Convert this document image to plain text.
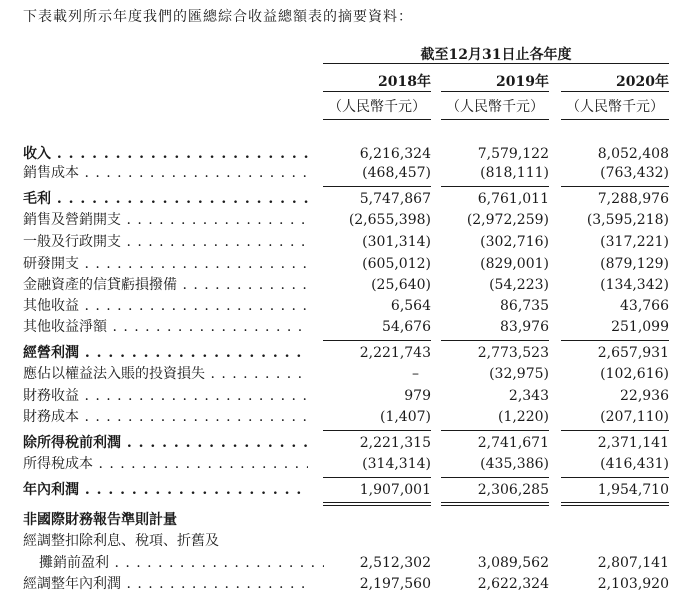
下表載列所示年度我們的匯總綜合收益總額表的摘要資料：
截至12月31日止各年度
2018年	2019年	2020年
（人民幣千元）	（人民幣千元）	（人民幣千元）
收入 . . .	6,216,324	7,579,122	8,052,408
銷售成本 . . .	(468,457)	(818,111)	(763,432)
毛利 . . .	5,747,867	6,761,011	7,288,976
銷售及營銷開支 . . .	(2,655,398)	(2,972,259)	(3,595,218)
一般及行政開支 . . .	(301,314)	(302,716)	(317,221)
研發開支 . . .	(605,012)	(829,001)	(879,129)
金融資產的信貸虧損撥備 . . .	(25,640)	(54,223)	(134,342)
其他收益 . . .	6,564	86,735	43,766
其他收益淨額 . . .	54,676	83,976	251,099
經營利潤 . . .	2,221,743	2,773,523	2,657,931
應佔以權益法入賬的投資損失 . . .	–	(32,975)	(102,616)
財務收益 . . .	979	2,343	22,936
財務成本 . . .	(1,407)	(1,220)	(207,110)
除所得稅前利潤 . . .	2,221,315	2,741,671	2,371,141
所得稅成本 . . .	(314,314)	(435,386)	(416,431)
年內利潤 . . .	1,907,001	2,306,285	1,954,710
非國際財務報告準則計量
經調整扣除利息、稅項、折舊及
攤銷前盈利 . . .	2,512,302	3,089,562	2,807,141
經調整年內利潤 . . .	2,197,560	2,622,324	2,103,920
